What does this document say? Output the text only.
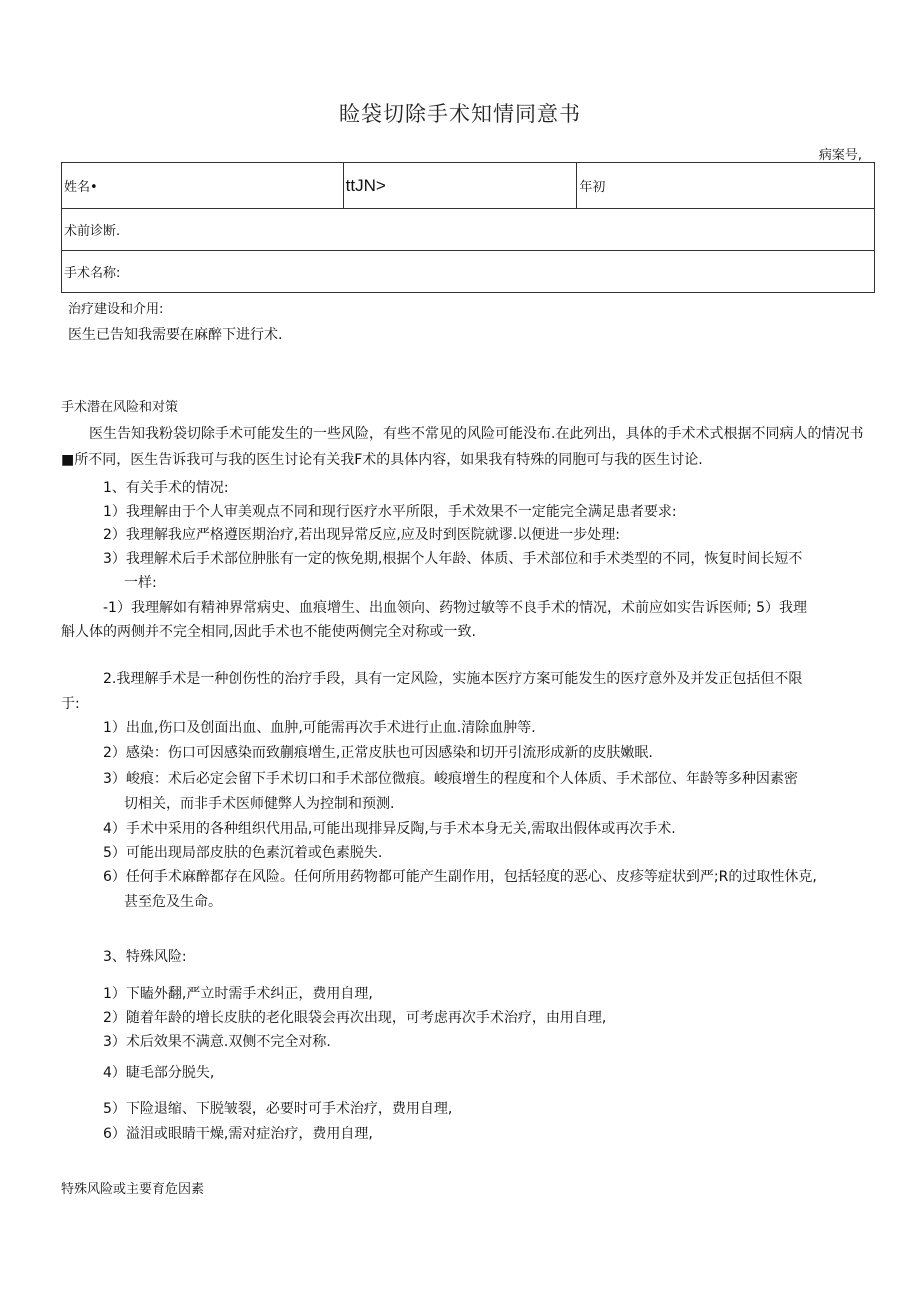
睑袋切除手术知情同意书
病案号,
姓名•	ttJN>	年初
术前诊断.
手术名称:
治疗建设和介用:
医生已告知我需要在麻醉下进行术.
手术潜在风险和对策
医生告知我粉袋切除手术可能发生的一些风险，有些不常见的风险可能没布.在此列出，具体的手术术式根据不同病人的情况书■所不同，医生告诉我可与我的医生讨论有关我F术的具体内容，如果我有特殊的同胞可与我的医生讨论.
1、有关手术的情况:
1）我理解由于个人审美观点不同和现行医疗水平所限，手术效果不一定能完全满足患者要求:
2）我理解我应严格遵医期治疗,若出现异常反应,应及时到医院就谬.以便进一步处理:
3）我理解术后手术部位肿胀有一定的恢免期,根据个人年龄、体质、手术部位和手术类型的不同，恢复时间长短不
一样:
-1）我理解如有精神界常病史、血痕增生、出血领向、药物过敏等不良手术的情况，术前应如实告诉医师; 5）我理
斛人体的两侧并不完全相同,因此手术也不能使两侧完全对称或一致.
2.我理解手术是一种创伤性的治疗手段，具有一定风险，实施本医疗方案可能发生的医疗意外及并发正包括但不限
于:
1）出血,伤口及创面出血、血肿,可能需再次手术进行止血.清除血肿等.
2）感染：伤口可因感染而致蒯痕增生,正常皮肤也可因感染和切开引流形成新的皮肤嫩眠.
3）峻痕：术后必定会留下手术切口和手术部位微痕。峻痕增生的程度和个人体质、手术部位、年龄等多种因素密
切相关，而非手术医师健弊人为控制和预测.
4）手术中采用的各种组织代用品,可能出现排异反陶,与手术本身无关,需取出假体或再次手术.
5）可能出现局部皮肤的色素沉着或色素脱失.
6）任何手术麻醉都存在风险。任何所用药物都可能产生副作用，包括轻度的恶心、皮疹等症状到严;R的过取性休克,
甚至危及生命。
3、特殊风险:
1）下瞌外翻,严立时需手术纠正，费用自理,
2）随着年龄的增长皮肤的老化眼袋会再次出现，可考虑再次手术治疗，由用自理,
3）术后效果不满意.双侧不完全对称.
4）睫毛部分脱失,
5）下险退缩、下脱皱裂，必要时可手术治疗，费用自理,
6）溢泪或眼睛干燥,需对症治疗，费用自理,
特殊风险或主要育危因素
